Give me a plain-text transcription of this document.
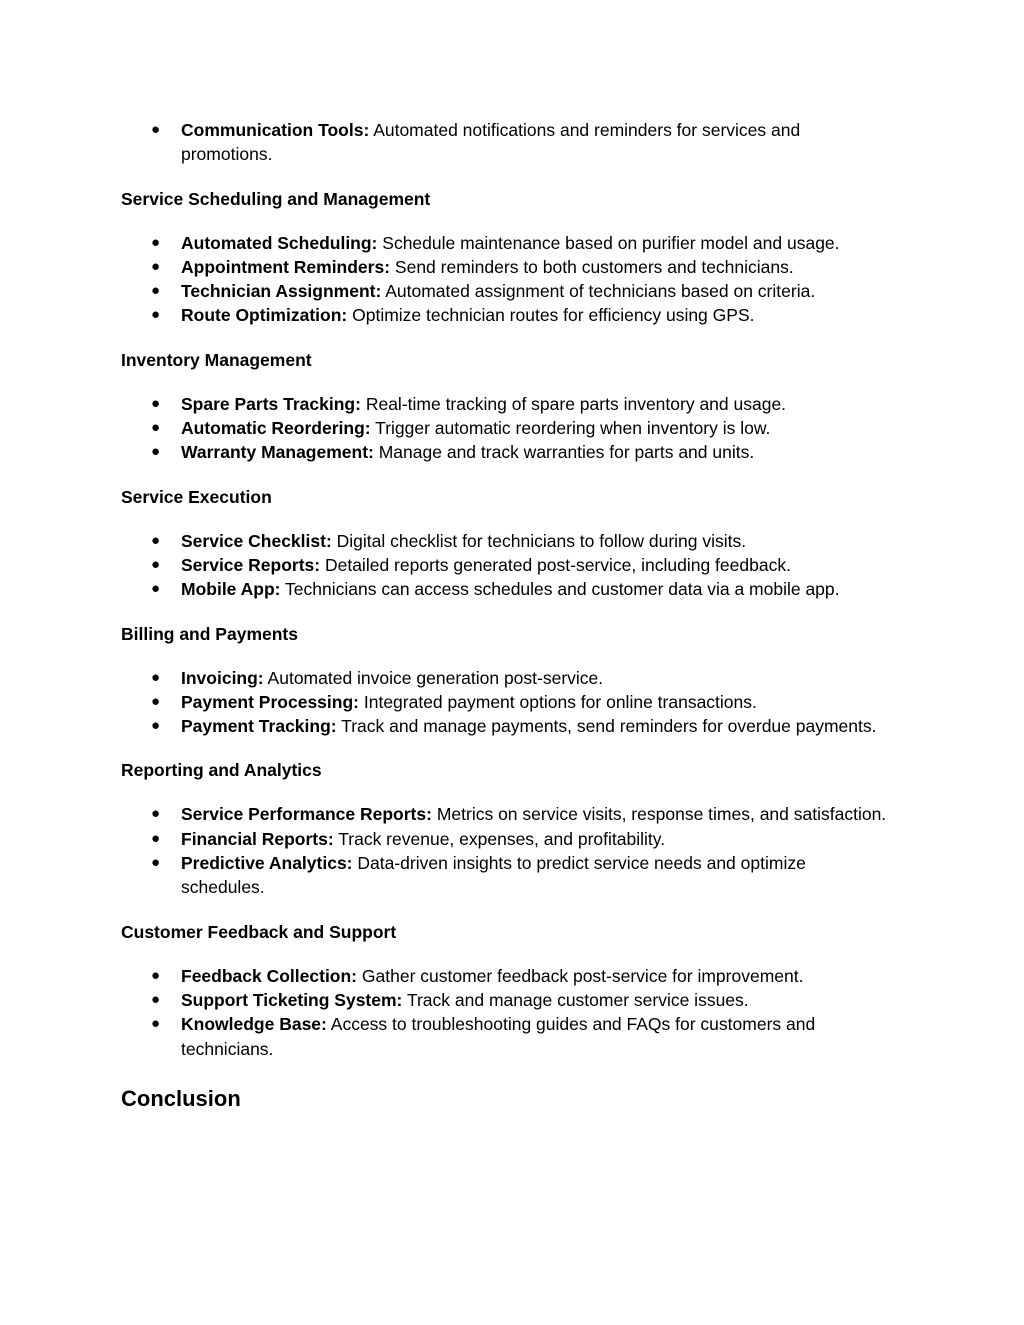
● Communication Tools: Automated notifications and reminders for services and promotions.
Service Scheduling and Management
● Automated Scheduling: Schedule maintenance based on purifier model and usage.
● Appointment Reminders: Send reminders to both customers and technicians.
● Technician Assignment: Automated assignment of technicians based on criteria.
● Route Optimization: Optimize technician routes for efficiency using GPS.
Inventory Management
● Spare Parts Tracking: Real-time tracking of spare parts inventory and usage.
● Automatic Reordering: Trigger automatic reordering when inventory is low.
● Warranty Management: Manage and track warranties for parts and units.
Service Execution
● Service Checklist: Digital checklist for technicians to follow during visits.
● Service Reports: Detailed reports generated post-service, including feedback.
● Mobile App: Technicians can access schedules and customer data via a mobile app.
Billing and Payments
● Invoicing: Automated invoice generation post-service.
● Payment Processing: Integrated payment options for online transactions.
● Payment Tracking: Track and manage payments, send reminders for overdue payments.
Reporting and Analytics
● Service Performance Reports: Metrics on service visits, response times, and satisfaction.
● Financial Reports: Track revenue, expenses, and profitability.
● Predictive Analytics: Data-driven insights to predict service needs and optimize schedules.
Customer Feedback and Support
● Feedback Collection: Gather customer feedback post-service for improvement.
● Support Ticketing System: Track and manage customer service issues.
● Knowledge Base: Access to troubleshooting guides and FAQs for customers and technicians.
Conclusion
